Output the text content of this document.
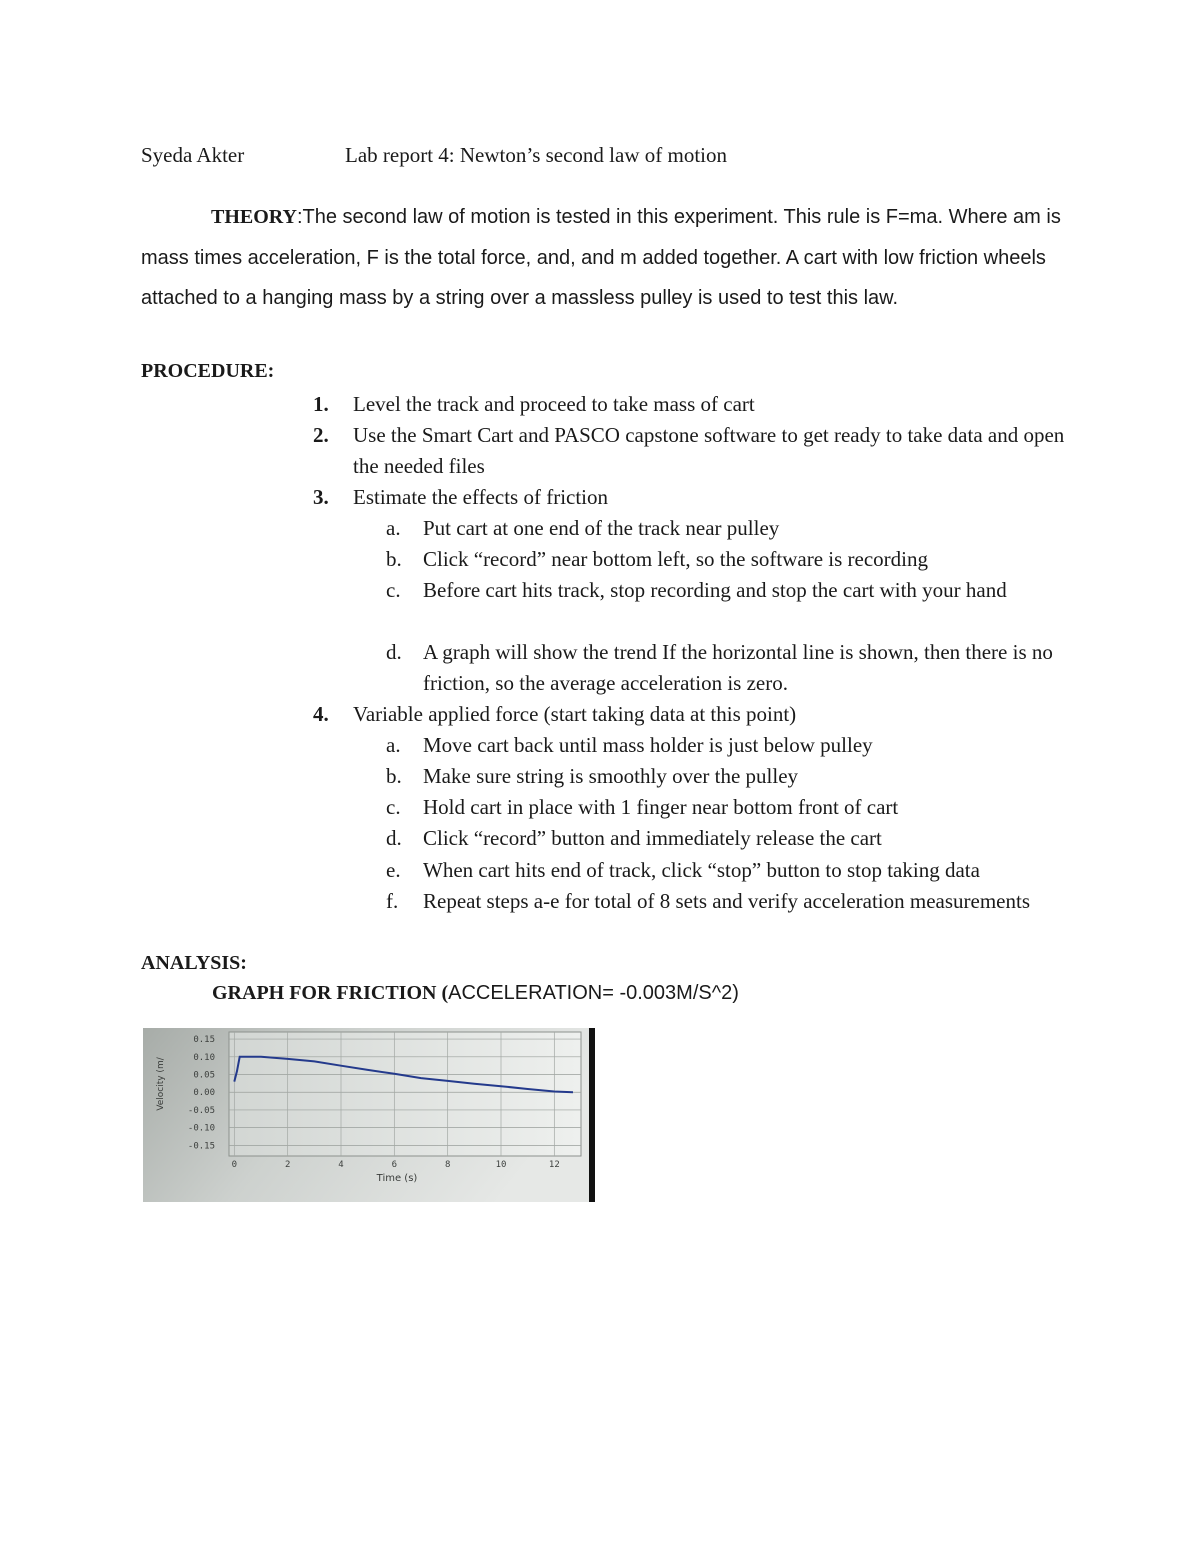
Syeda Akter	Lab report 4: Newton’s second law of motion
THEORY:The second law of motion is tested in this experiment. This rule is F=ma. Where am is mass times acceleration, F is the total force, and, and m added together. A cart with low friction wheels attached to a hanging mass by a string over a massless pulley is used to test this law.
PROCEDURE:
1. Level the track and proceed to take mass of cart
2. Use the Smart Cart and PASCO capstone software to get ready to take data and open the needed files
3. Estimate the effects of friction
a. Put cart at one end of the track near pulley
b. Click “record” near bottom left, so the software is recording
c. Before cart hits track, stop recording and stop the cart with your hand
d. A graph will show the trend If the horizontal line is shown, then there is no friction, so the average acceleration is zero.
4. Variable applied force (start taking data at this point)
a. Move cart back until mass holder is just below pulley
b. Make sure string is smoothly over the pulley
c. Hold cart in place with 1 finger near bottom front of cart
d. Click “record” button and immediately release the cart
e. When cart hits end of track, click “stop” button to stop taking data
f. Repeat steps a-e for total of 8 sets and verify acceleration measurements
ANALYSIS:
GRAPH FOR FRICTION (ACCELERATION= -0.003M/S^2)
0.15
0.10
0.05
0.00
-0.05
-0.10
-0.15
0	2	4	6	8	10	12
Velocity (m/
Time (s)
